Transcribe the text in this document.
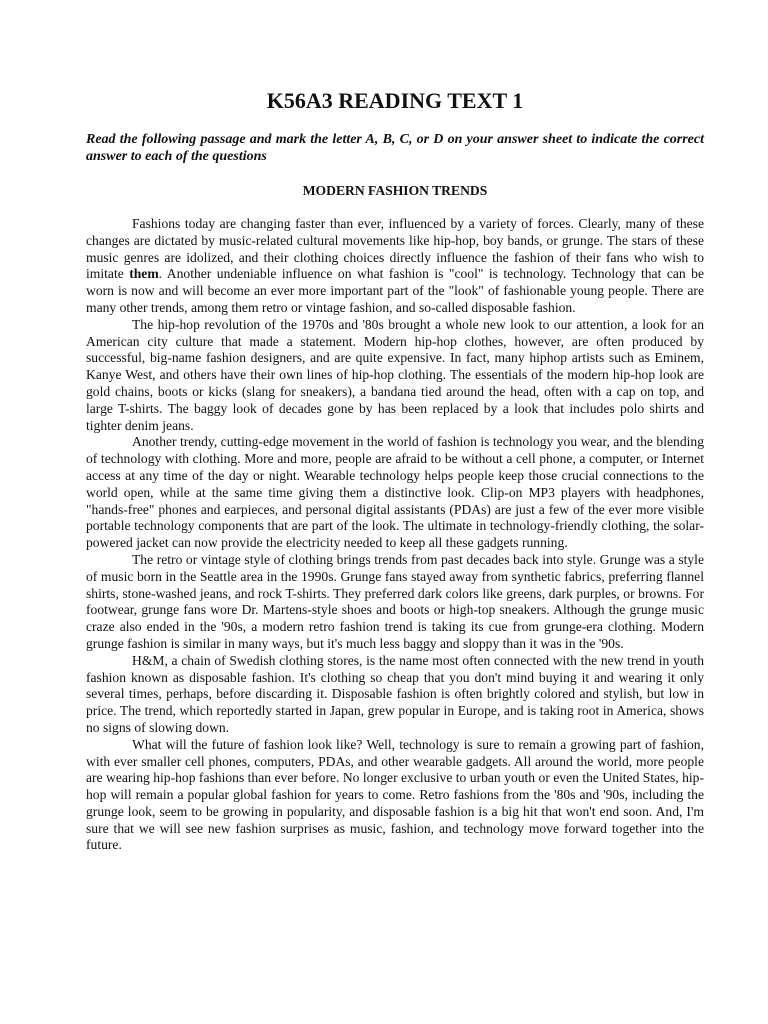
K56A3 READING TEXT 1

Read the following passage and mark the letter A, B, C, or D on your answer sheet to indicate the correct answer to each of the questions

MODERN FASHION TRENDS

Fashions today are changing faster than ever, influenced by a variety of forces. Clearly, many of these changes are dictated by music-related cultural movements like hip-hop, boy bands, or grunge. The stars of these music genres are idolized, and their clothing choices directly influence the fashion of their fans who wish to imitate them. Another undeniable influence on what fashion is "cool" is technology. Technology that can be worn is now and will become an ever more important part of the "look" of fashionable young people. There are many other trends, among them retro or vintage fashion, and so-called disposable fashion.

The hip-hop revolution of the 1970s and '80s brought a whole new look to our attention, a look for an American city culture that made a statement. Modern hip-hop clothes, however, are often produced by successful, big-name fashion designers, and are quite expensive. In fact, many hiphop artists such as Eminem, Kanye West, and others have their own lines of hip-hop clothing. The essentials of the modern hip-hop look are gold chains, boots or kicks (slang for sneakers), a bandana tied around the head, often with a cap on top, and large T-shirts. The baggy look of decades gone by has been replaced by a look that includes polo shirts and tighter denim jeans.

Another trendy, cutting-edge movement in the world of fashion is technology you wear, and the blending of technology with clothing. More and more, people are afraid to be without a cell phone, a computer, or Internet access at any time of the day or night. Wearable technology helps people keep those crucial connections to the world open, while at the same time giving them a distinctive look. Clip-on MP3 players with headphones, "hands-free" phones and earpieces, and personal digital assistants (PDAs) are just a few of the ever more visible portable technology components that are part of the look. The ultimate in technology-friendly clothing, the solar-powered jacket can now provide the electricity needed to keep all these gadgets running.

The retro or vintage style of clothing brings trends from past decades back into style. Grunge was a style of music born in the Seattle area in the 1990s. Grunge fans stayed away from synthetic fabrics, preferring flannel shirts, stone-washed jeans, and rock T-shirts. They preferred dark colors like greens, dark purples, or browns. For footwear, grunge fans wore Dr. Martens-style shoes and boots or high-top sneakers. Although the grunge music craze also ended in the '90s, a modern retro fashion trend is taking its cue from grunge-era clothing. Modern grunge fashion is similar in many ways, but it's much less baggy and sloppy than it was in the '90s.

H&M, a chain of Swedish clothing stores, is the name most often connected with the new trend in youth fashion known as disposable fashion. It's clothing so cheap that you don't mind buying it and wearing it only several times, perhaps, before discarding it. Disposable fashion is often brightly colored and stylish, but low in price. The trend, which reportedly started in Japan, grew popular in Europe, and is taking root in America, shows no signs of slowing down.

What will the future of fashion look like? Well, technology is sure to remain a growing part of fashion, with ever smaller cell phones, computers, PDAs, and other wearable gadgets. All around the world, more people are wearing hip-hop fashions than ever before. No longer exclusive to urban youth or even the United States, hip- hop will remain a popular global fashion for years to come. Retro fashions from the '80s and '90s, including the grunge look, seem to be growing in popularity, and disposable fashion is a big hit that won't end soon. And, I'm sure that we will see new fashion surprises as music, fashion, and technology move forward together into the future.
